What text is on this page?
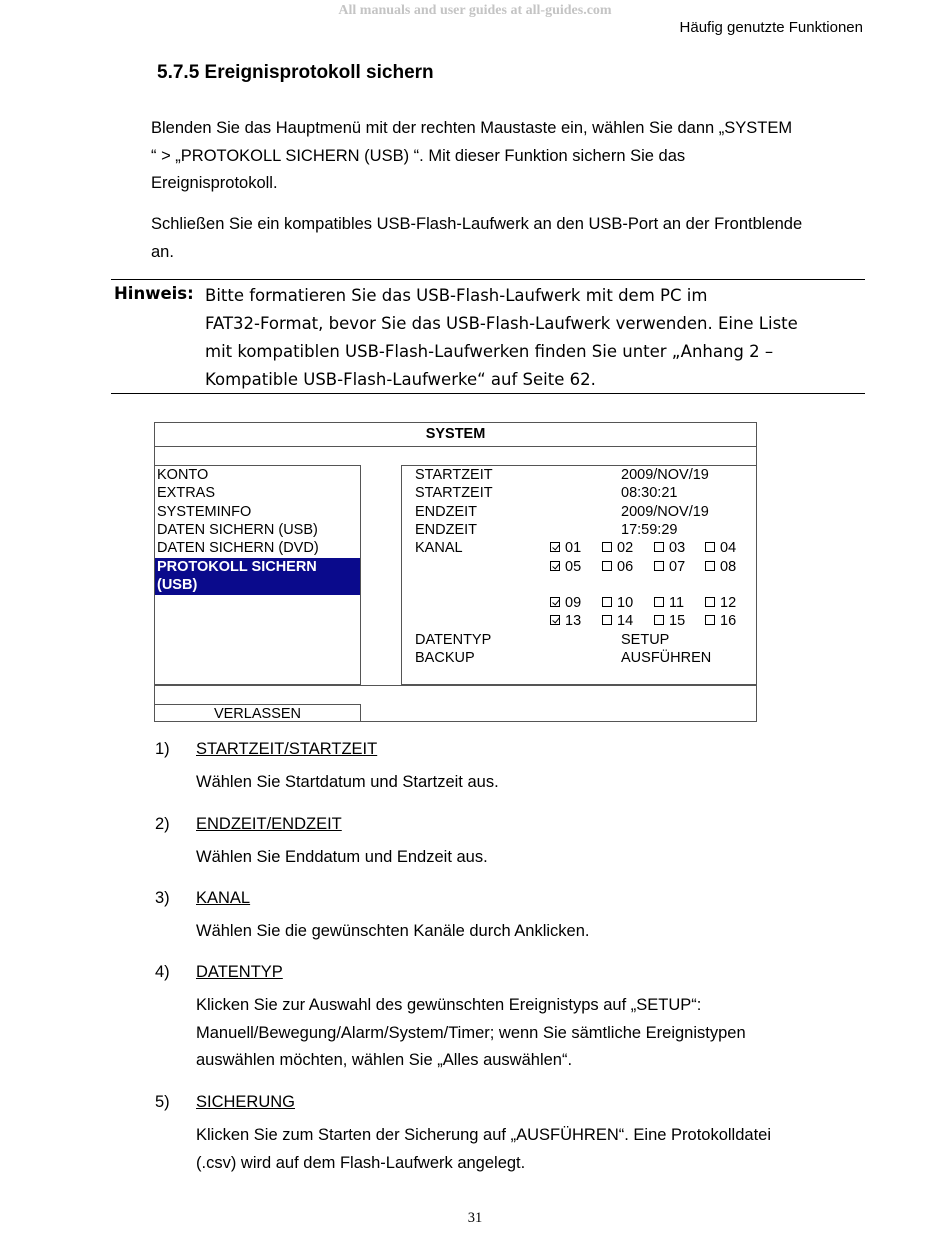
All manuals and user guides at all-guides.com
Häufig genutzte Funktionen
5.7.5 Ereignisprotokoll sichern
Blenden Sie das Hauptmenü mit der rechten Maustaste ein, wählen Sie dann „SYSTEM
“ > „PROTOKOLL SICHERN (USB) “. Mit dieser Funktion sichern Sie das
Ereignisprotokoll.
Schließen Sie ein kompatibles USB-Flash-Laufwerk an den USB-Port an der Frontblende
an.
Hinweis: Bitte formatieren Sie das USB-Flash-Laufwerk mit dem PC im
FAT32-Format, bevor Sie das USB-Flash-Laufwerk verwenden. Eine Liste
mit kompatiblen USB-Flash-Laufwerken finden Sie unter „Anhang 2 –
Kompatible USB-Flash-Laufwerke“ auf Seite 62.
SYSTEM
KONTO
EXTRAS
SYSTEMINFO
DATEN SICHERN (USB)
DATEN SICHERN (DVD)
PROTOKOLL SICHERN
(USB)
STARTZEIT	2009/NOV/19
STARTZEIT	08:30:21
ENDZEIT	2009/NOV/19
ENDZEIT	17:59:29
KANAL	01	02	03	04
05	06	07	08
09	10	11	12
13	14	15	16
DATENTYP	SETUP
BACKUP	AUSFÜHREN
VERLASSEN
1) STARTZEIT/STARTZEIT
Wählen Sie Startdatum und Startzeit aus.
2) ENDZEIT/ENDZEIT
Wählen Sie Enddatum und Endzeit aus.
3) KANAL
Wählen Sie die gewünschten Kanäle durch Anklicken.
4) DATENTYP
Klicken Sie zur Auswahl des gewünschten Ereignistyps auf „SETUP“:
Manuell/Bewegung/Alarm/System/Timer; wenn Sie sämtliche Ereignistypen
auswählen möchten, wählen Sie „Alles auswählen“.
5) SICHERUNG
Klicken Sie zum Starten der Sicherung auf „AUSFÜHREN“. Eine Protokolldatei
(.csv) wird auf dem Flash-Laufwerk angelegt.
31
